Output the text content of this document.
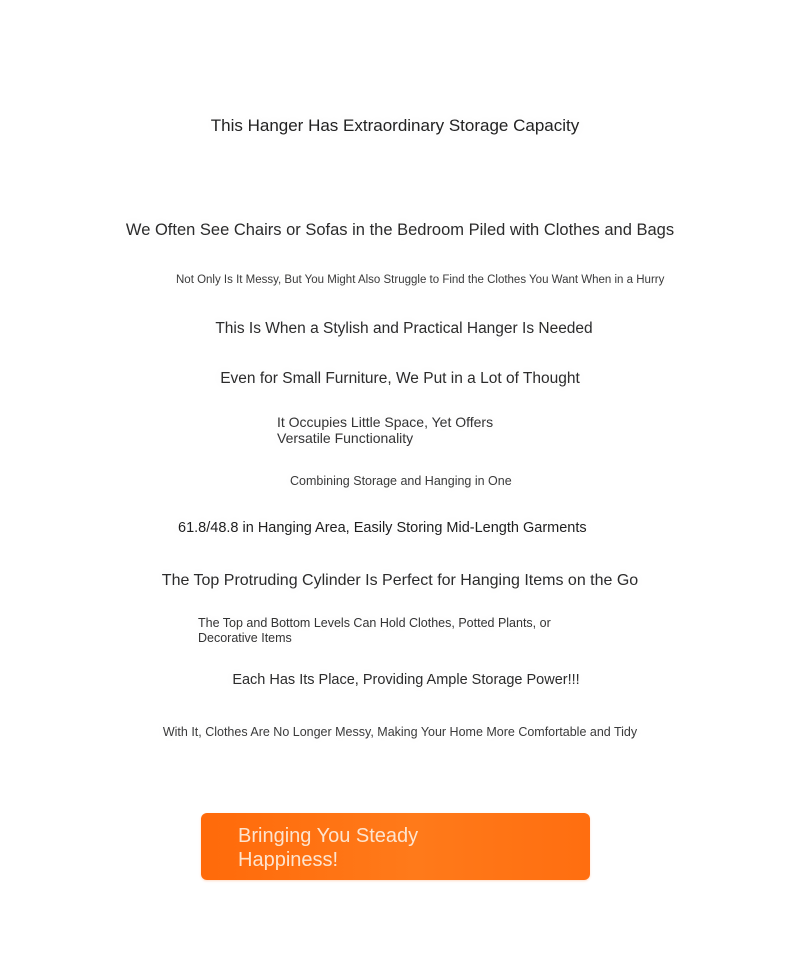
This Hanger Has Extraordinary Storage Capacity
We Often See Chairs or Sofas in the Bedroom Piled with Clothes and Bags
Not Only Is It Messy, But You Might Also Struggle to Find the Clothes You Want When in a Hurry
This Is When a Stylish and Practical Hanger Is Needed
Even for Small Furniture, We Put in a Lot of Thought
It Occupies Little Space, Yet Offers Versatile Functionality
Combining Storage and Hanging in One
61.8/48.8 in Hanging Area, Easily Storing Mid-Length Garments
The Top Protruding Cylinder Is Perfect for Hanging Items on the Go
The Top and Bottom Levels Can Hold Clothes, Potted Plants, or Decorative Items
Each Has Its Place, Providing Ample Storage Power!!!
With It, Clothes Are No Longer Messy, Making Your Home More Comfortable and Tidy
Bringing You Steady Happiness!
